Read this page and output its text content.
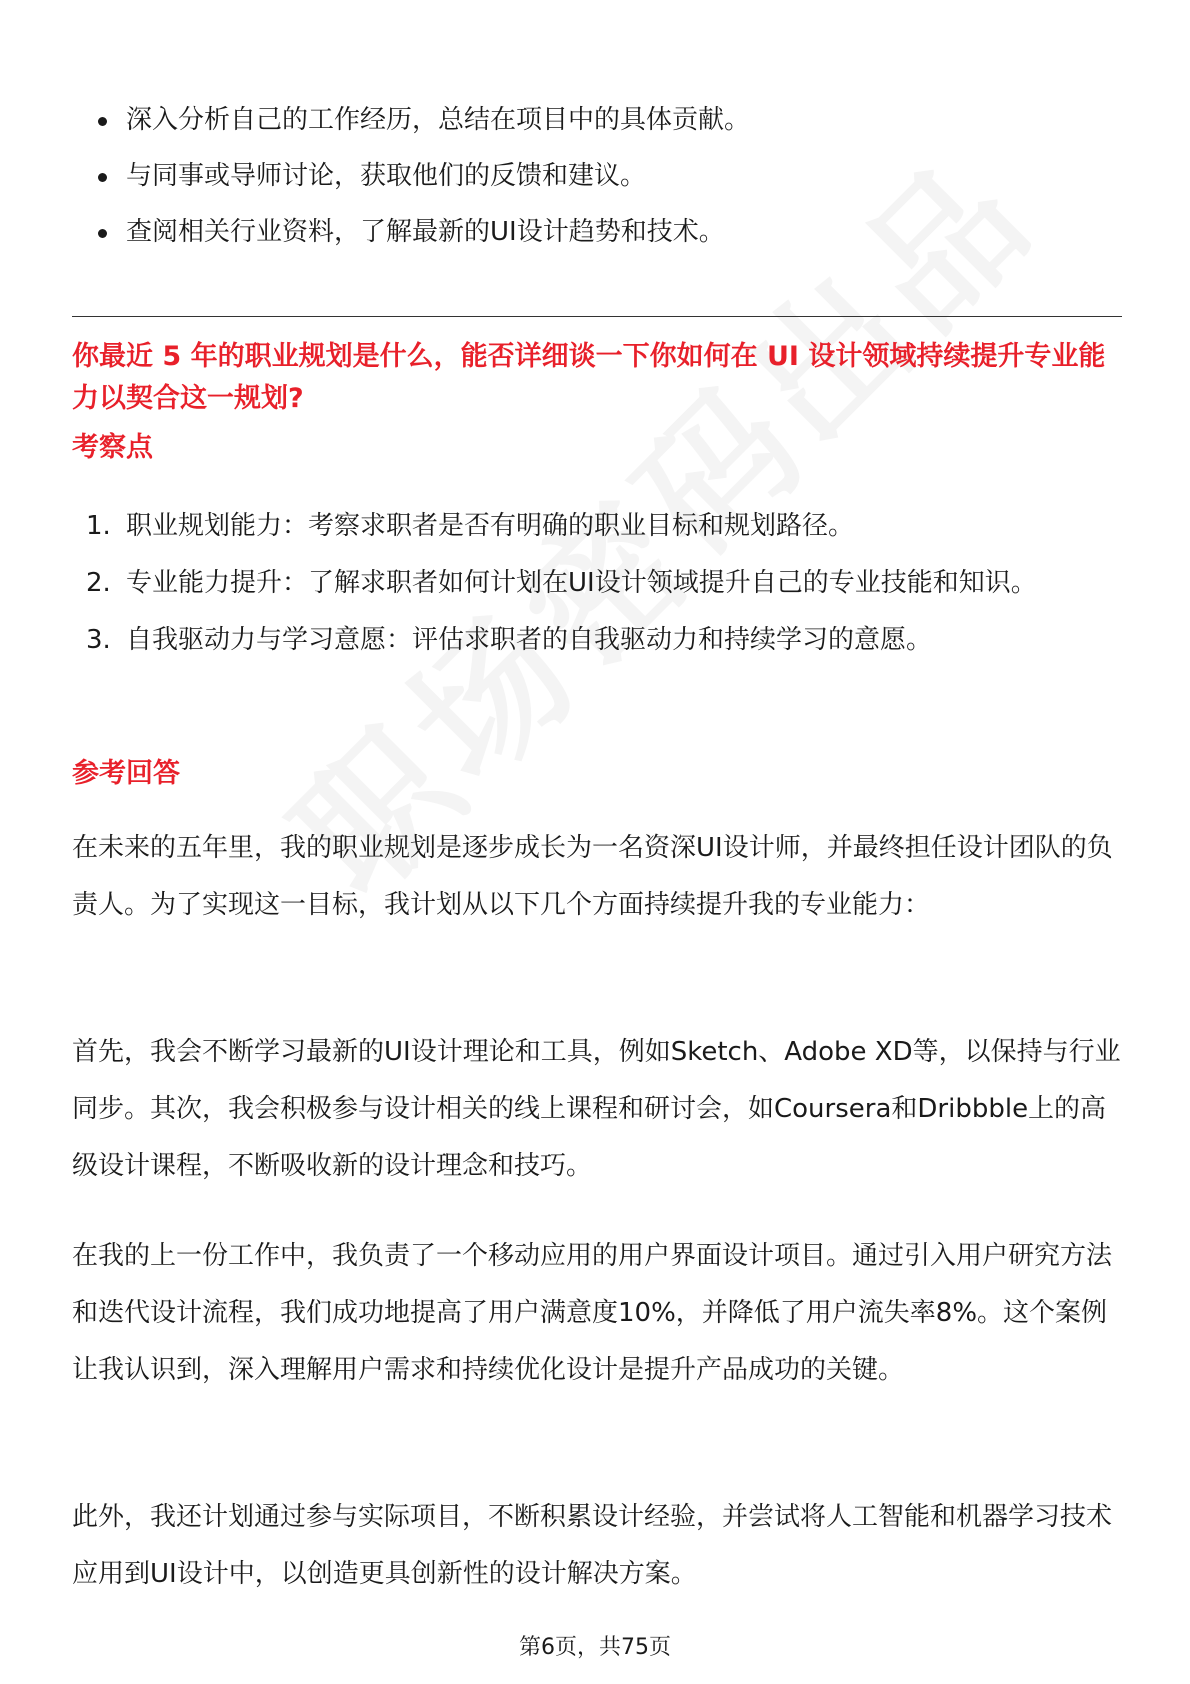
深入分析自己的工作经历，总结在项目中的具体贡献。
与同事或导师讨论，获取他们的反馈和建议。
查阅相关行业资料，了解最新的UI设计趋势和技术。
你最近 5 年的职业规划是什么，能否详细谈一下你如何在 UI 设计领域持续提升专业能力以契合这一规划?
考察点
1. 职业规划能力：考察求职者是否有明确的职业目标和规划路径。
2. 专业能力提升：了解求职者如何计划在UI设计领域提升自己的专业技能和知识。
3. 自我驱动力与学习意愿：评估求职者的自我驱动力和持续学习的意愿。
参考回答

在未来的五年里，我的职业规划是逐步成长为一名资深UI设计师，并最终担任设计团队的负责人。为了实现这一目标，我计划从以下几个方面持续提升我的专业能力：

首先，我会不断学习最新的UI设计理论和工具，例如Sketch、Adobe XD等，以保持与行业同步。其次，我会积极参与设计相关的线上课程和研讨会，如Coursera和Dribbble上的高级设计课程，不断吸收新的设计理念和技巧。

在我的上一份工作中，我负责了一个移动应用的用户界面设计项目。通过引入用户研究方法和迭代设计流程，我们成功地提高了用户满意度10%，并降低了用户流失率8%。这个案例让我认识到，深入理解用户需求和持续优化设计是提升产品成功的关键。

此外，我还计划通过参与实际项目，不断积累设计经验，并尝试将人工智能和机器学习技术应用到UI设计中，以创造更具创新性的设计解决方案。

第6页，共75页
